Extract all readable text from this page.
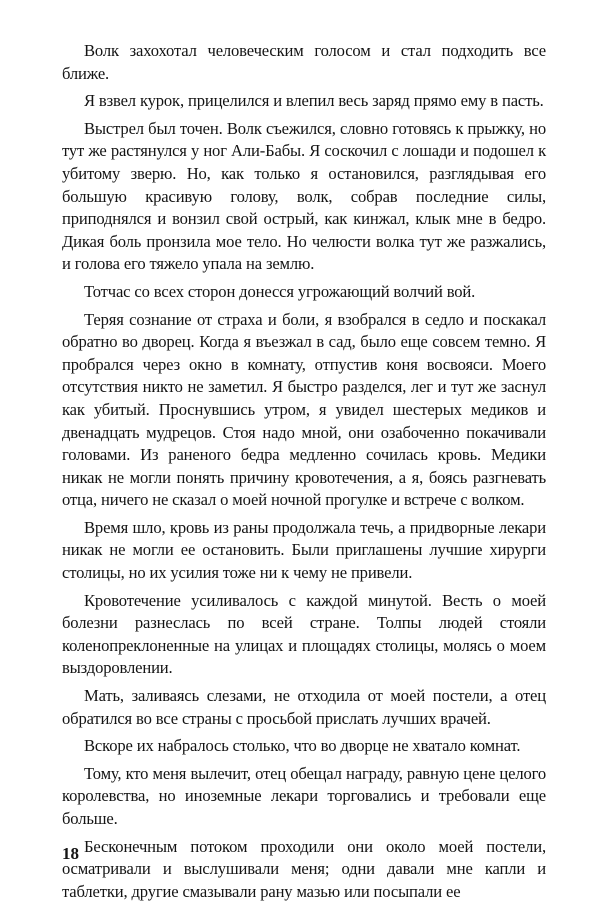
Волк захохотал человеческим голосом и стал подходить все ближе.

Я взвел курок, прицелился и влепил весь заряд прямо ему в пасть.

Выстрел был точен. Волк съежился, словно готовясь к прыжку, но тут же растянулся у ног Али-Бабы. Я соскочил с лошади и подошел к убитому зверю. Но, как только я остановился, разглядывая его большую красивую голову, волк, собрав последние силы, приподнялся и вонзил свой острый, как кинжал, клык мне в бедро. Дикая боль пронзила мое тело. Но челюсти волка тут же разжались, и голова его тяжело упала на землю.

Тотчас со всех сторон донесся угрожающий волчий вой.

Теряя сознание от страха и боли, я взобрался в седло и поскакал обратно во дворец. Когда я въезжал в сад, было еще совсем темно. Я пробрался через окно в комнату, отпустив коня восвояси. Моего отсутствия никто не заметил. Я быстро разделся, лег и тут же заснул как убитый. Проснувшись утром, я увидел шестерых медиков и двенадцать мудрецов. Стоя надо мной, они озабоченно покачивали головами. Из раненого бедра медленно сочилась кровь. Медики никак не могли понять причину кровотечения, а я, боясь разгневать отца, ничего не сказал о моей ночной прогулке и встрече с волком.

Время шло, кровь из раны продолжала течь, а придворные лекари никак не могли ее остановить. Были приглашены лучшие хирурги столицы, но их усилия тоже ни к чему не привели.

Кровотечение усиливалось с каждой минутой. Весть о моей болезни разнеслась по всей стране. Толпы людей стояли коленопреклоненные на улицах и площадях столицы, молясь о моем выздоровлении.

Мать, заливаясь слезами, не отходила от моей постели, а отец обратился во все страны с просьбой прислать лучших врачей.

Вскоре их набралось столько, что во дворце не хватало комнат.

Тому, кто меня вылечит, отец обещал награду, равную цене целого королевства, но иноземные лекари торговались и требовали еще больше.

Бесконечным потоком проходили они около моей постели, осматривали и выслушивали меня; одни давали мне капли и таблетки, другие смазывали рану мазью или посыпали ее

18
